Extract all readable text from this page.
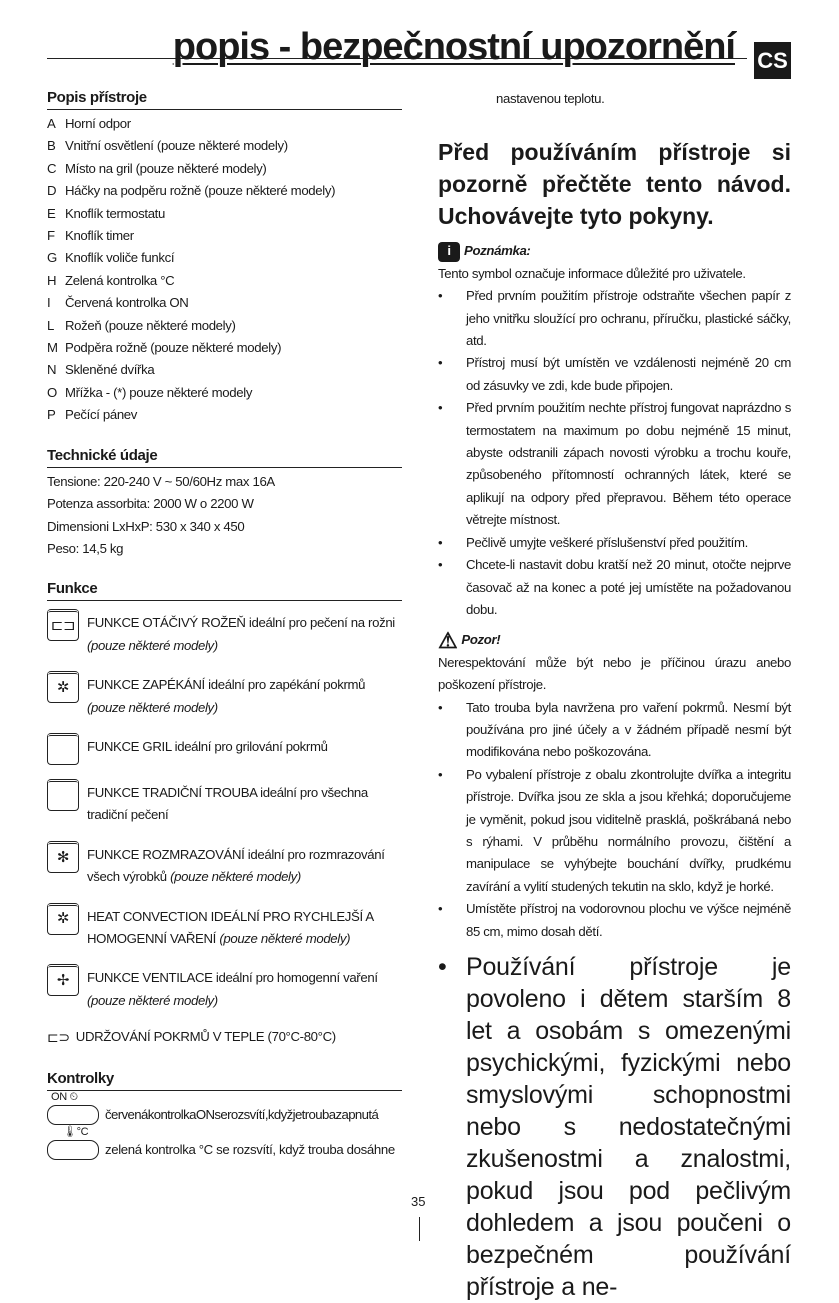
popis - bezpečnostní upozornění CS
Popis přístroje
A Horní odpor
B Vnitřní osvětlení (pouze některé modely)
C Místo na gril (pouze některé modely)
D Háčky na podpěru rožně (pouze některé modely)
E Knoflík termostatu
F Knoflík timer
G Knoflík voliče funkcí
H Zelená kontrolka °C
I	Červená kontrolka ON
L Rožeň (pouze některé modely)
M Podpěra rožně (pouze některé modely)
N Skleněné dvířka
O Mřížka - (*) pouze některé modely
P Pečící pánev
Technické údaje
Tensione: 220-240 V ~ 50/60Hz max 16A
Potenza assorbita: 2000 W o 2200 W
Dimensioni LxHxP: 530 x 340 x 450
Peso: 14,5 kg
Funkce
⊏⊐ FUNKCE OTÁČIVÝ ROŽEŇ ideální pro pečení na rožni (pouze některé modely)
✲	FUNKCE ZAPÉKÁNÍ ideální pro zapékání pokrmů (pouze některé modely)
FUNKCE GRIL ideální pro grilování pokrmů
FUNKCE TRADIČNÍ TROUBA ideální pro všechna tradiční pečení
✻	FUNKCE ROZMRAZOVÁNÍ ideální pro rozmrazování všech výrobků (pouze některé modely)
✲	HEAT CONVECTION IDEÁLNÍ PRO RYCHLEJŠÍ A HOMOGENNÍ VAŘENÍ (pouze některé modely)
✢	FUNKCE VENTILACE ideální pro homogenní vaření (pouze některé modely)
⊏⊃ UDRŽOVÁNÍ POKRMŮ V TEPLE (70°C-80°C)
Kontrolky
ON ⏲
červenákontrolkaONserozsvítí,kdyžjetroubazapnutá
🌡°C
zelená kontrolka °C se rozsvítí, když trouba dosáhne

nastavenou teplotu.

Před používáním přístroje si pozorně přečtěte tento návod. Uchovávejte tyto pokyny.
i	Poznámka:

Tento symbol označuje informace důležité pro uživatele.

•	Před prvním použitím přístroje odstraňte všechen papír z jeho vnitřku sloužící pro ochranu, příručku, plastické sáčky, atd.
•	Přístroj musí být umístěn ve vzdálenosti nejméně 20 cm od zásuvky ve zdi, kde bude připojen.
•	Před prvním použitím nechte přístroj fungovat naprázdno s termostatem na maximum po dobu nejméně 15 minut, abyste odstranili zápach novosti výrobku a trochu kouře, způsobeného přítomností ochranných látek, které se aplikují na odpory před přepravou. Během této operace větrejte místnost.
•	Pečlivě umyjte veškeré příslušenství před použitím.
•	Chcete-li nastavit dobu kratší než 20 minut, otočte nejprve časovač až na konec a poté jej umístěte na požadovanou dobu.
⚠ Pozor!

Nerespektování může být nebo je příčinou úrazu anebo poškození přístroje.

•	Tato trouba byla navržena pro vaření pokrmů. Nesmí být používána pro jiné účely a v žádném případě nesmí být modifikována nebo poškozována.
•	Po vybalení přístroje z obalu zkontrolujte dvířka a integritu přístroje. Dvířka jsou ze skla a jsou křehká; doporučujeme je vyměnit, pokud jsou viditelně prasklá, poškrábaná nebo s rýhami. V průběhu normálního provozu, čištění a manipulace se vyhýbejte bouchání dvířky, prudkému zavírání a vylití studených tekutin na sklo, když je horké.
•	Umístěte přístroj na vodorovnou plochu ve výšce nejméně 85 cm, mimo dosah dětí.
• Používání přístroje je povoleno i dětem starším 8 let a osobám s omezenými psychickými, fyzickými nebo smyslovými schopnostmi nebo s nedostatečnými zkušenostmi a znalostmi, pokud jsou pod pečlivým dohledem a jsou poučeni o bezpečném používání přístroje a ne-
35
